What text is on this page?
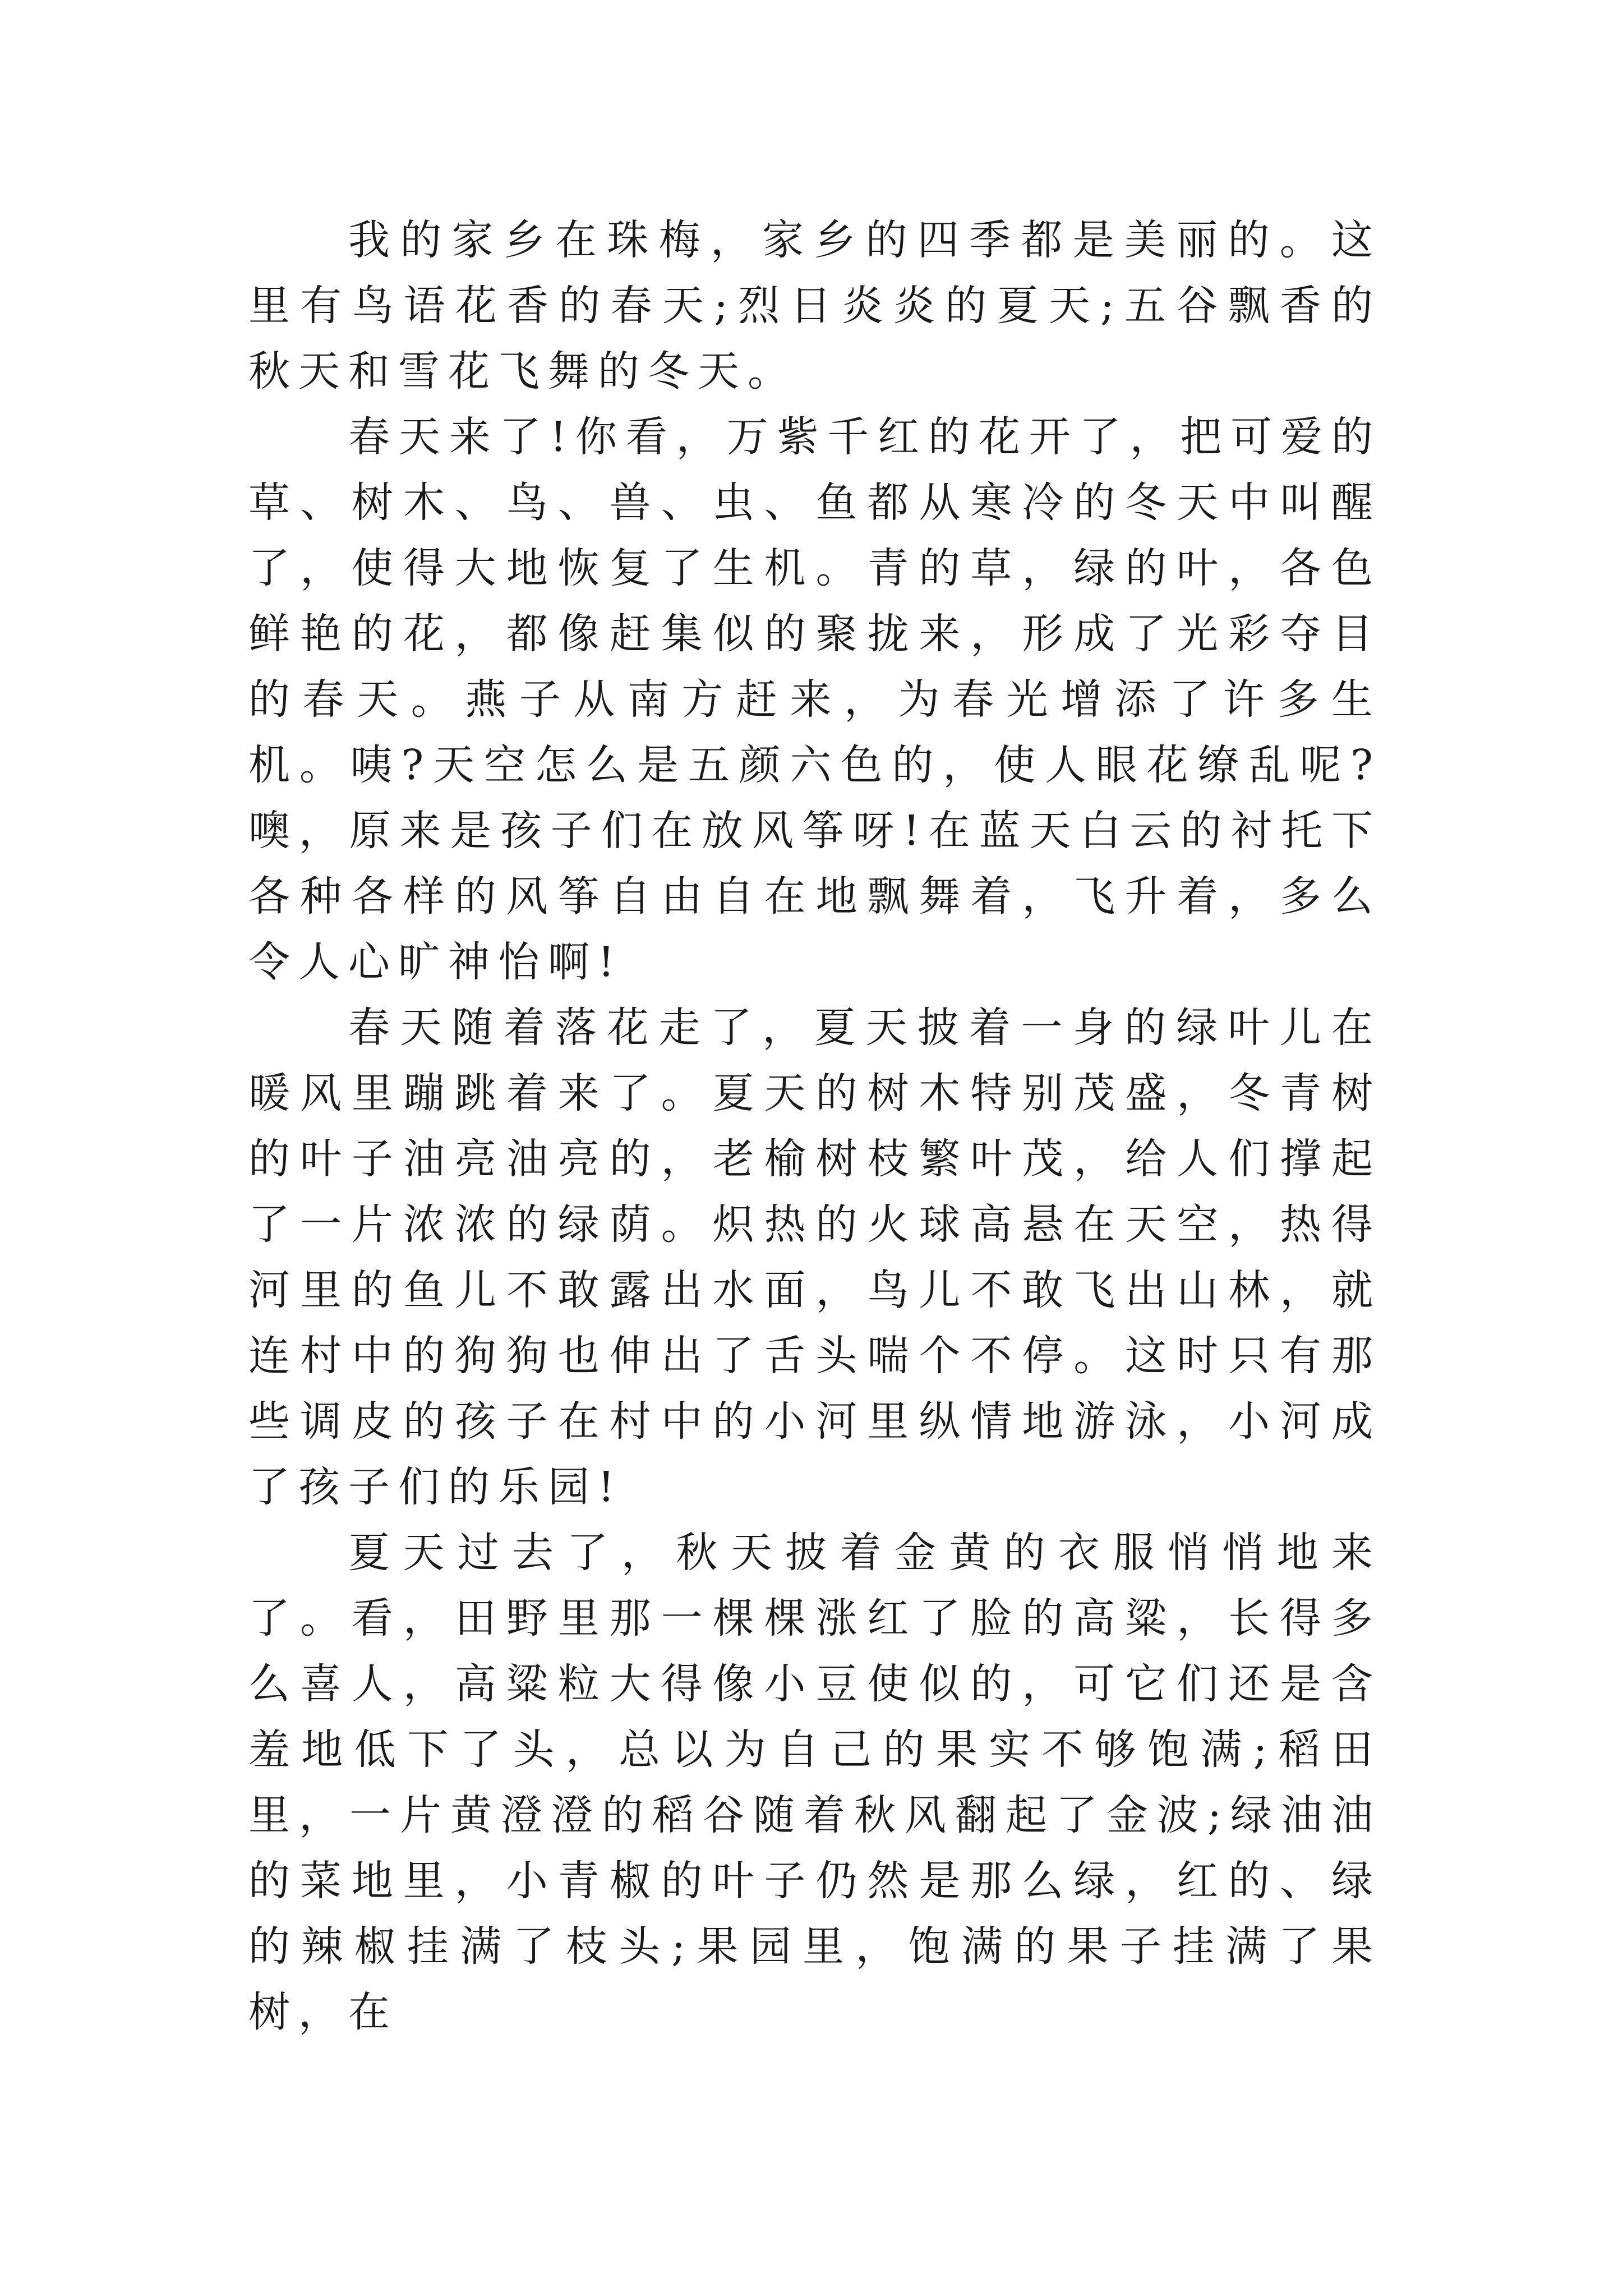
我的家乡在珠梅，家乡的四季都是美丽的。这里有鸟语花香的春天;烈日炎炎的夏天;五谷飘香的秋天和雪花飞舞的冬天。

春天来了!你看，万紫千红的花开了，把可爱的草、树木、鸟、兽、虫、鱼都从寒冷的冬天中叫醒了，使得大地恢复了生机。青的草，绿的叶，各色鲜艳的花，都像赶集似的聚拢来，形成了光彩夺目的春天。燕子从南方赶来，为春光增添了许多生机。咦?天空怎么是五颜六色的，使人眼花缭乱呢?噢，原来是孩子们在放风筝呀!在蓝天白云的衬托下各种各样的风筝自由自在地飘舞着，飞升着，多么令人心旷神怡啊!

春天随着落花走了，夏天披着一身的绿叶儿在暖风里蹦跳着来了。夏天的树木特别茂盛，冬青树的叶子油亮油亮的，老榆树枝繁叶茂，给人们撑起了一片浓浓的绿荫。炽热的火球高悬在天空，热得河里的鱼儿不敢露出水面，鸟儿不敢飞出山林，就连村中的狗狗也伸出了舌头喘个不停。这时只有那些调皮的孩子在村中的小河里纵情地游泳，小河成了孩子们的乐园!

夏天过去了，秋天披着金黄的衣服悄悄地来了。看，田野里那一棵棵涨红了脸的高粱，长得多么喜人，高粱粒大得像小豆使似的，可它们还是含羞地低下了头，总以为自己的果实不够饱满;稻田里，一片黄澄澄的稻谷随着秋风翻起了金波;绿油油的菜地里，小青椒的叶子仍然是那么绿，红的、绿的辣椒挂满了枝头;果园里，饱满的果子挂满了果树，在
